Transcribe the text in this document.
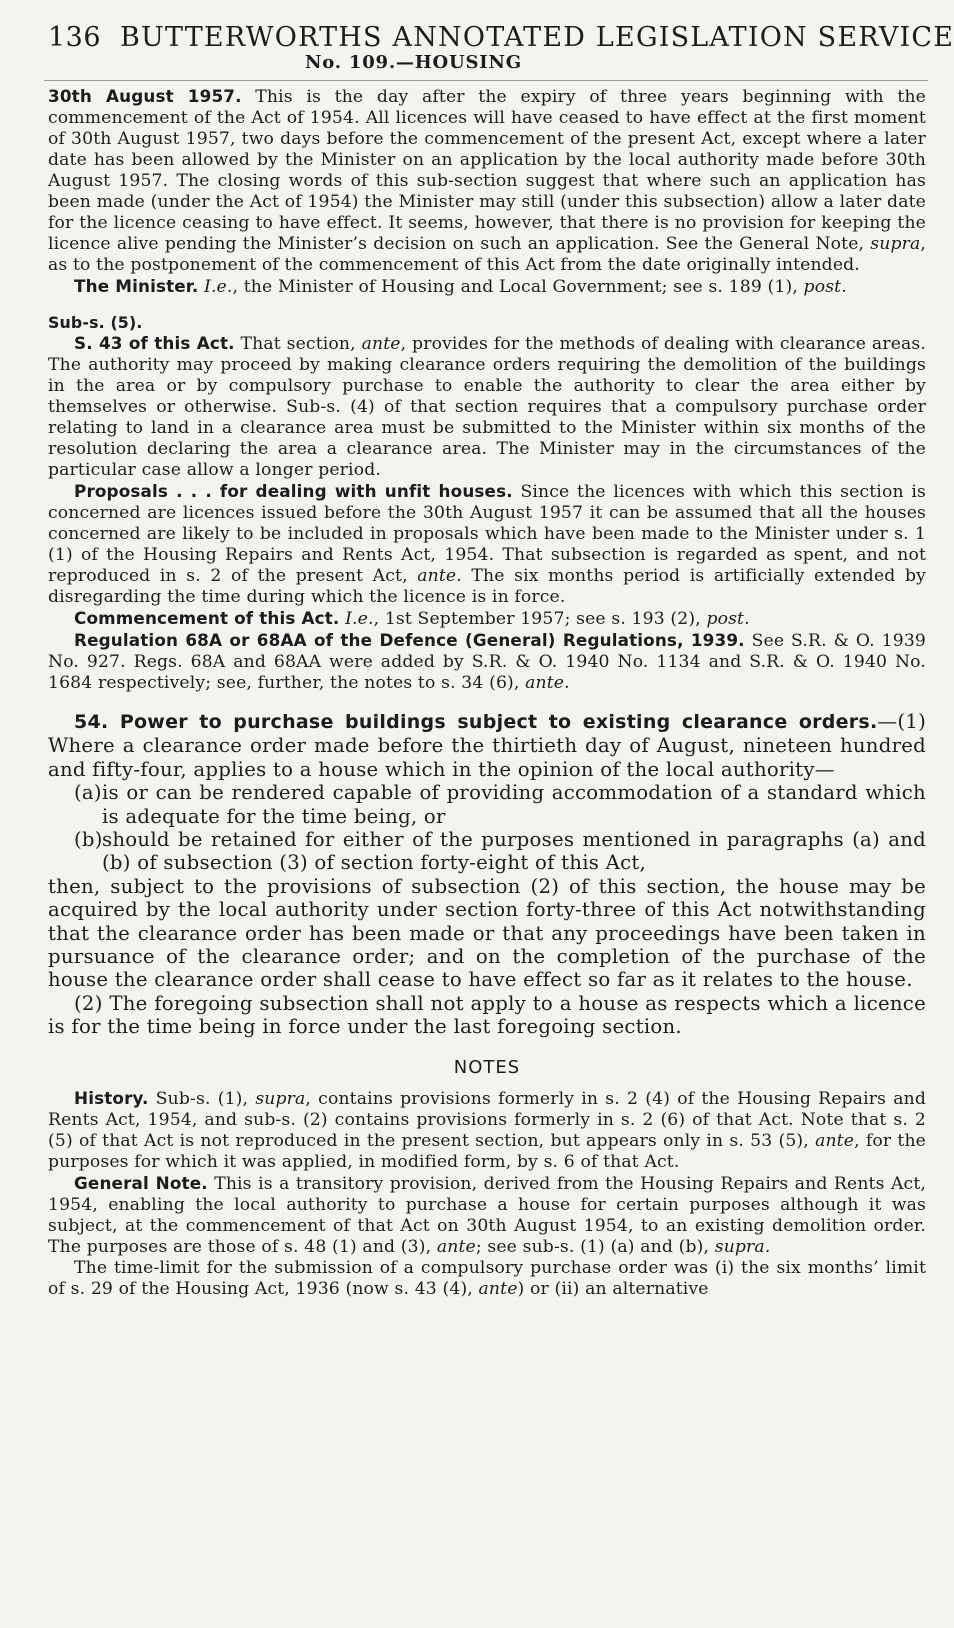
136 BUTTERWORTHS ANNOTATED LEGISLATION SERVICE
No. 109.—HOUSING

30th August 1957. This is the day after the expiry of three years beginning with the commencement of the Act of 1954. All licences will have ceased to have effect at the first moment of 30th August 1957, two days before the commencement of the present Act, except where a later date has been allowed by the Minister on an application by the local authority made before 30th August 1957. The closing words of this sub-section suggest that where such an application has been made (under the Act of 1954) the Minister may still (under this subsection) allow a later date for the licence ceasing to have effect. It seems, however, that there is no provision for keeping the licence alive pending the Minister’s decision on such an application. See the General Note, supra, as to the postponement of the commencement of this Act from the date originally intended.

The Minister. I.e., the Minister of Housing and Local Government; see s. 189 (1), post.

Sub-s. (5).

S. 43 of this Act. That section, ante, provides for the methods of dealing with clearance areas. The authority may proceed by making clearance orders requiring the demolition of the buildings in the area or by compulsory purchase to enable the authority to clear the area either by themselves or otherwise. Sub-s. (4) of that section requires that a compulsory purchase order relating to land in a clearance area must be submitted to the Minister within six months of the resolution declaring the area a clearance area. The Minister may in the circumstances of the particular case allow a longer period.

Proposals . . . for dealing with unfit houses. Since the licences with which this section is concerned are licences issued before the 30th August 1957 it can be assumed that all the houses concerned are likely to be included in proposals which have been made to the Minister under s. 1 (1) of the Housing Repairs and Rents Act, 1954. That subsection is regarded as spent, and not reproduced in s. 2 of the present Act, ante. The six months period is artificially extended by disregarding the time during which the licence is in force.

Commencement of this Act. I.e., 1st September 1957; see s. 193 (2), post.

Regulation 68A or 68AA of the Defence (General) Regulations, 1939. See S.R. & O. 1939 No. 927. Regs. 68A and 68AA were added by S.R. & O. 1940 No. 1134 and S.R. & O. 1940 No. 1684 respectively; see, further, the notes to s. 34 (6), ante.

54. Power to purchase buildings subject to existing clearance orders.—(1) Where a clearance order made before the thirtieth day of August, nineteen hundred and fifty-four, applies to a house which in the opinion of the local authority—

(a) is or can be rendered capable of providing accommodation of a standard which is adequate for the time being, or

(b) should be retained for either of the purposes mentioned in paragraphs (a) and (b) of subsection (3) of section forty-eight of this Act,

then, subject to the provisions of subsection (2) of this section, the house may be acquired by the local authority under section forty-three of this Act notwithstanding that the clearance order has been made or that any proceedings have been taken in pursuance of the clearance order; and on the completion of the purchase of the house the clearance order shall cease to have effect so far as it relates to the house.

(2) The foregoing subsection shall not apply to a house as respects which a licence is for the time being in force under the last foregoing section.

NOTES

History. Sub-s. (1), supra, contains provisions formerly in s. 2 (4) of the Housing Repairs and Rents Act, 1954, and sub-s. (2) contains provisions formerly in s. 2 (6) of that Act. Note that s. 2 (5) of that Act is not reproduced in the present section, but appears only in s. 53 (5), ante, for the purposes for which it was applied, in modified form, by s. 6 of that Act.

General Note. This is a transitory provision, derived from the Housing Repairs and Rents Act, 1954, enabling the local authority to purchase a house for certain purposes although it was subject, at the commencement of that Act on 30th August 1954, to an existing demolition order. The purposes are those of s. 48 (1) and (3), ante; see sub-s. (1) (a) and (b), supra.

The time-limit for the submission of a compulsory purchase order was (i) the six months’ limit of s. 29 of the Housing Act, 1936 (now s. 43 (4), ante) or (ii) an alternative
